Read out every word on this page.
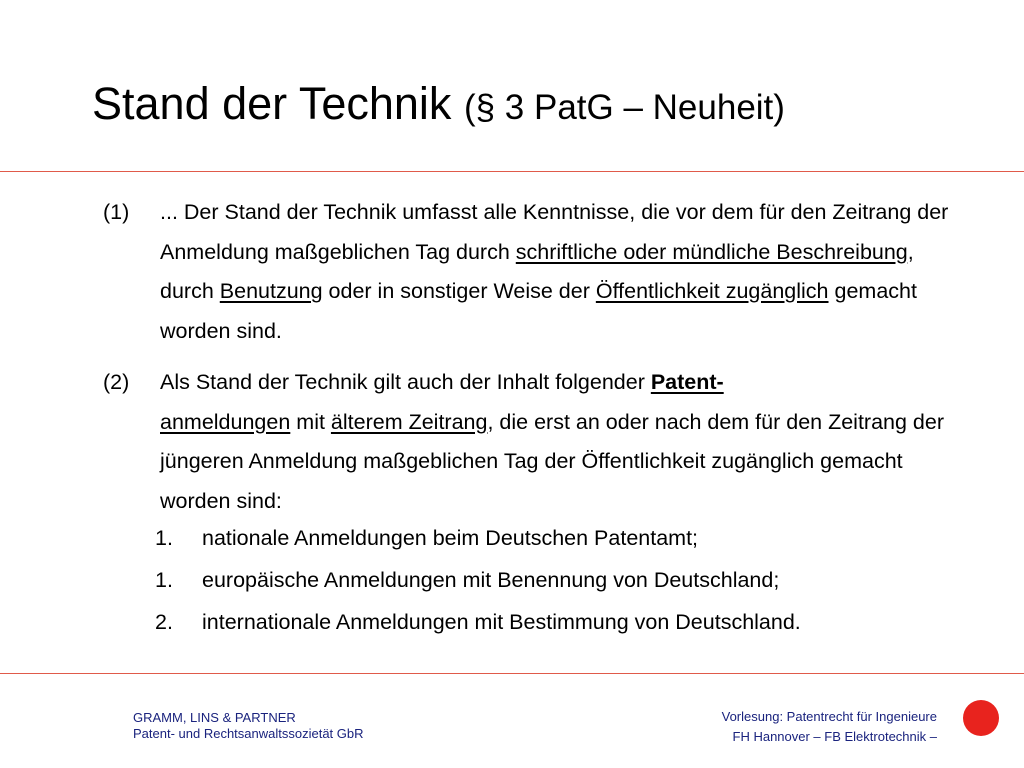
Stand der Technik (§ 3 PatG – Neuheit)
(1) ... Der Stand der Technik umfasst alle Kenntnisse, die vor dem für den Zeitrang der Anmeldung maßgeblichen Tag durch schriftliche oder mündliche Beschreibung, durch Benutzung oder in sonstiger Weise der Öffentlichkeit zugänglich gemacht worden sind.
(2) Als Stand der Technik gilt auch der Inhalt folgender Patent-
anmeldungen mit älterem Zeitrang, die erst an oder nach dem für den Zeitrang der jüngeren Anmeldung maßgeblichen Tag der Öffentlichkeit zugänglich gemacht worden sind:
1. nationale Anmeldungen beim Deutschen Patentamt;
1. europäische Anmeldungen mit Benennung von Deutschland;
2. internationale Anmeldungen mit Bestimmung von Deutschland.
GRAMM, LINS & PARTNER
Patent- und Rechtsanwaltssozietät GbR
Vorlesung: Patentrecht für Ingenieure
FH Hannover – FB Elektrotechnik –
